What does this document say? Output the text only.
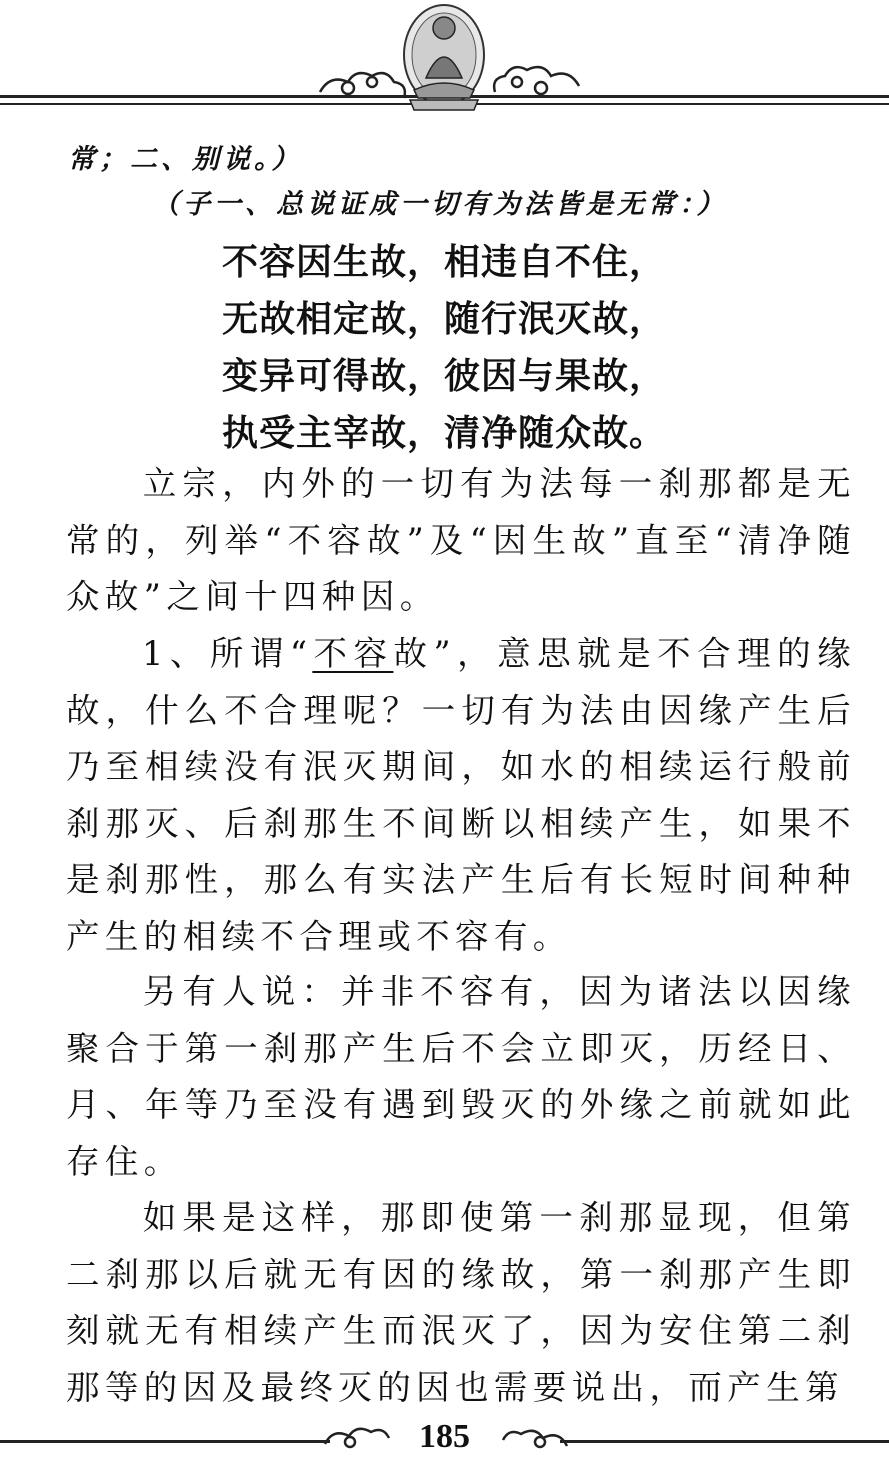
常；二、别说。）
（子一、总说证成一切有为法皆是无常：）
不容因生故，相违自不住，
无故相定故，随行泯灭故，
变异可得故，彼因与果故，
执受主宰故，清净随众故。
立宗，内外的一切有为法每一刹那都是无常的，列举“不容故”及“因生故”直至“清净随众故”之间十四种因。
1、所谓“不容故”，意思就是不合理的缘故，什么不合理呢？一切有为法由因缘产生后乃至相续没有泯灭期间，如水的相续运行般前刹那灭、后刹那生不间断以相续产生，如果不是刹那性，那么有实法产生后有长短时间种种产生的相续不合理或不容有。
另有人说：并非不容有，因为诸法以因缘聚合于第一刹那产生后不会立即灭，历经日、月、年等乃至没有遇到毁灭的外缘之前就如此存住。
如果是这样，那即使第一刹那显现，但第二刹那以后就无有因的缘故，第一刹那产生即刻就无有相续产生而泯灭了，因为安住第二刹那等的因及最终灭的因也需要说出，而产生第
185
